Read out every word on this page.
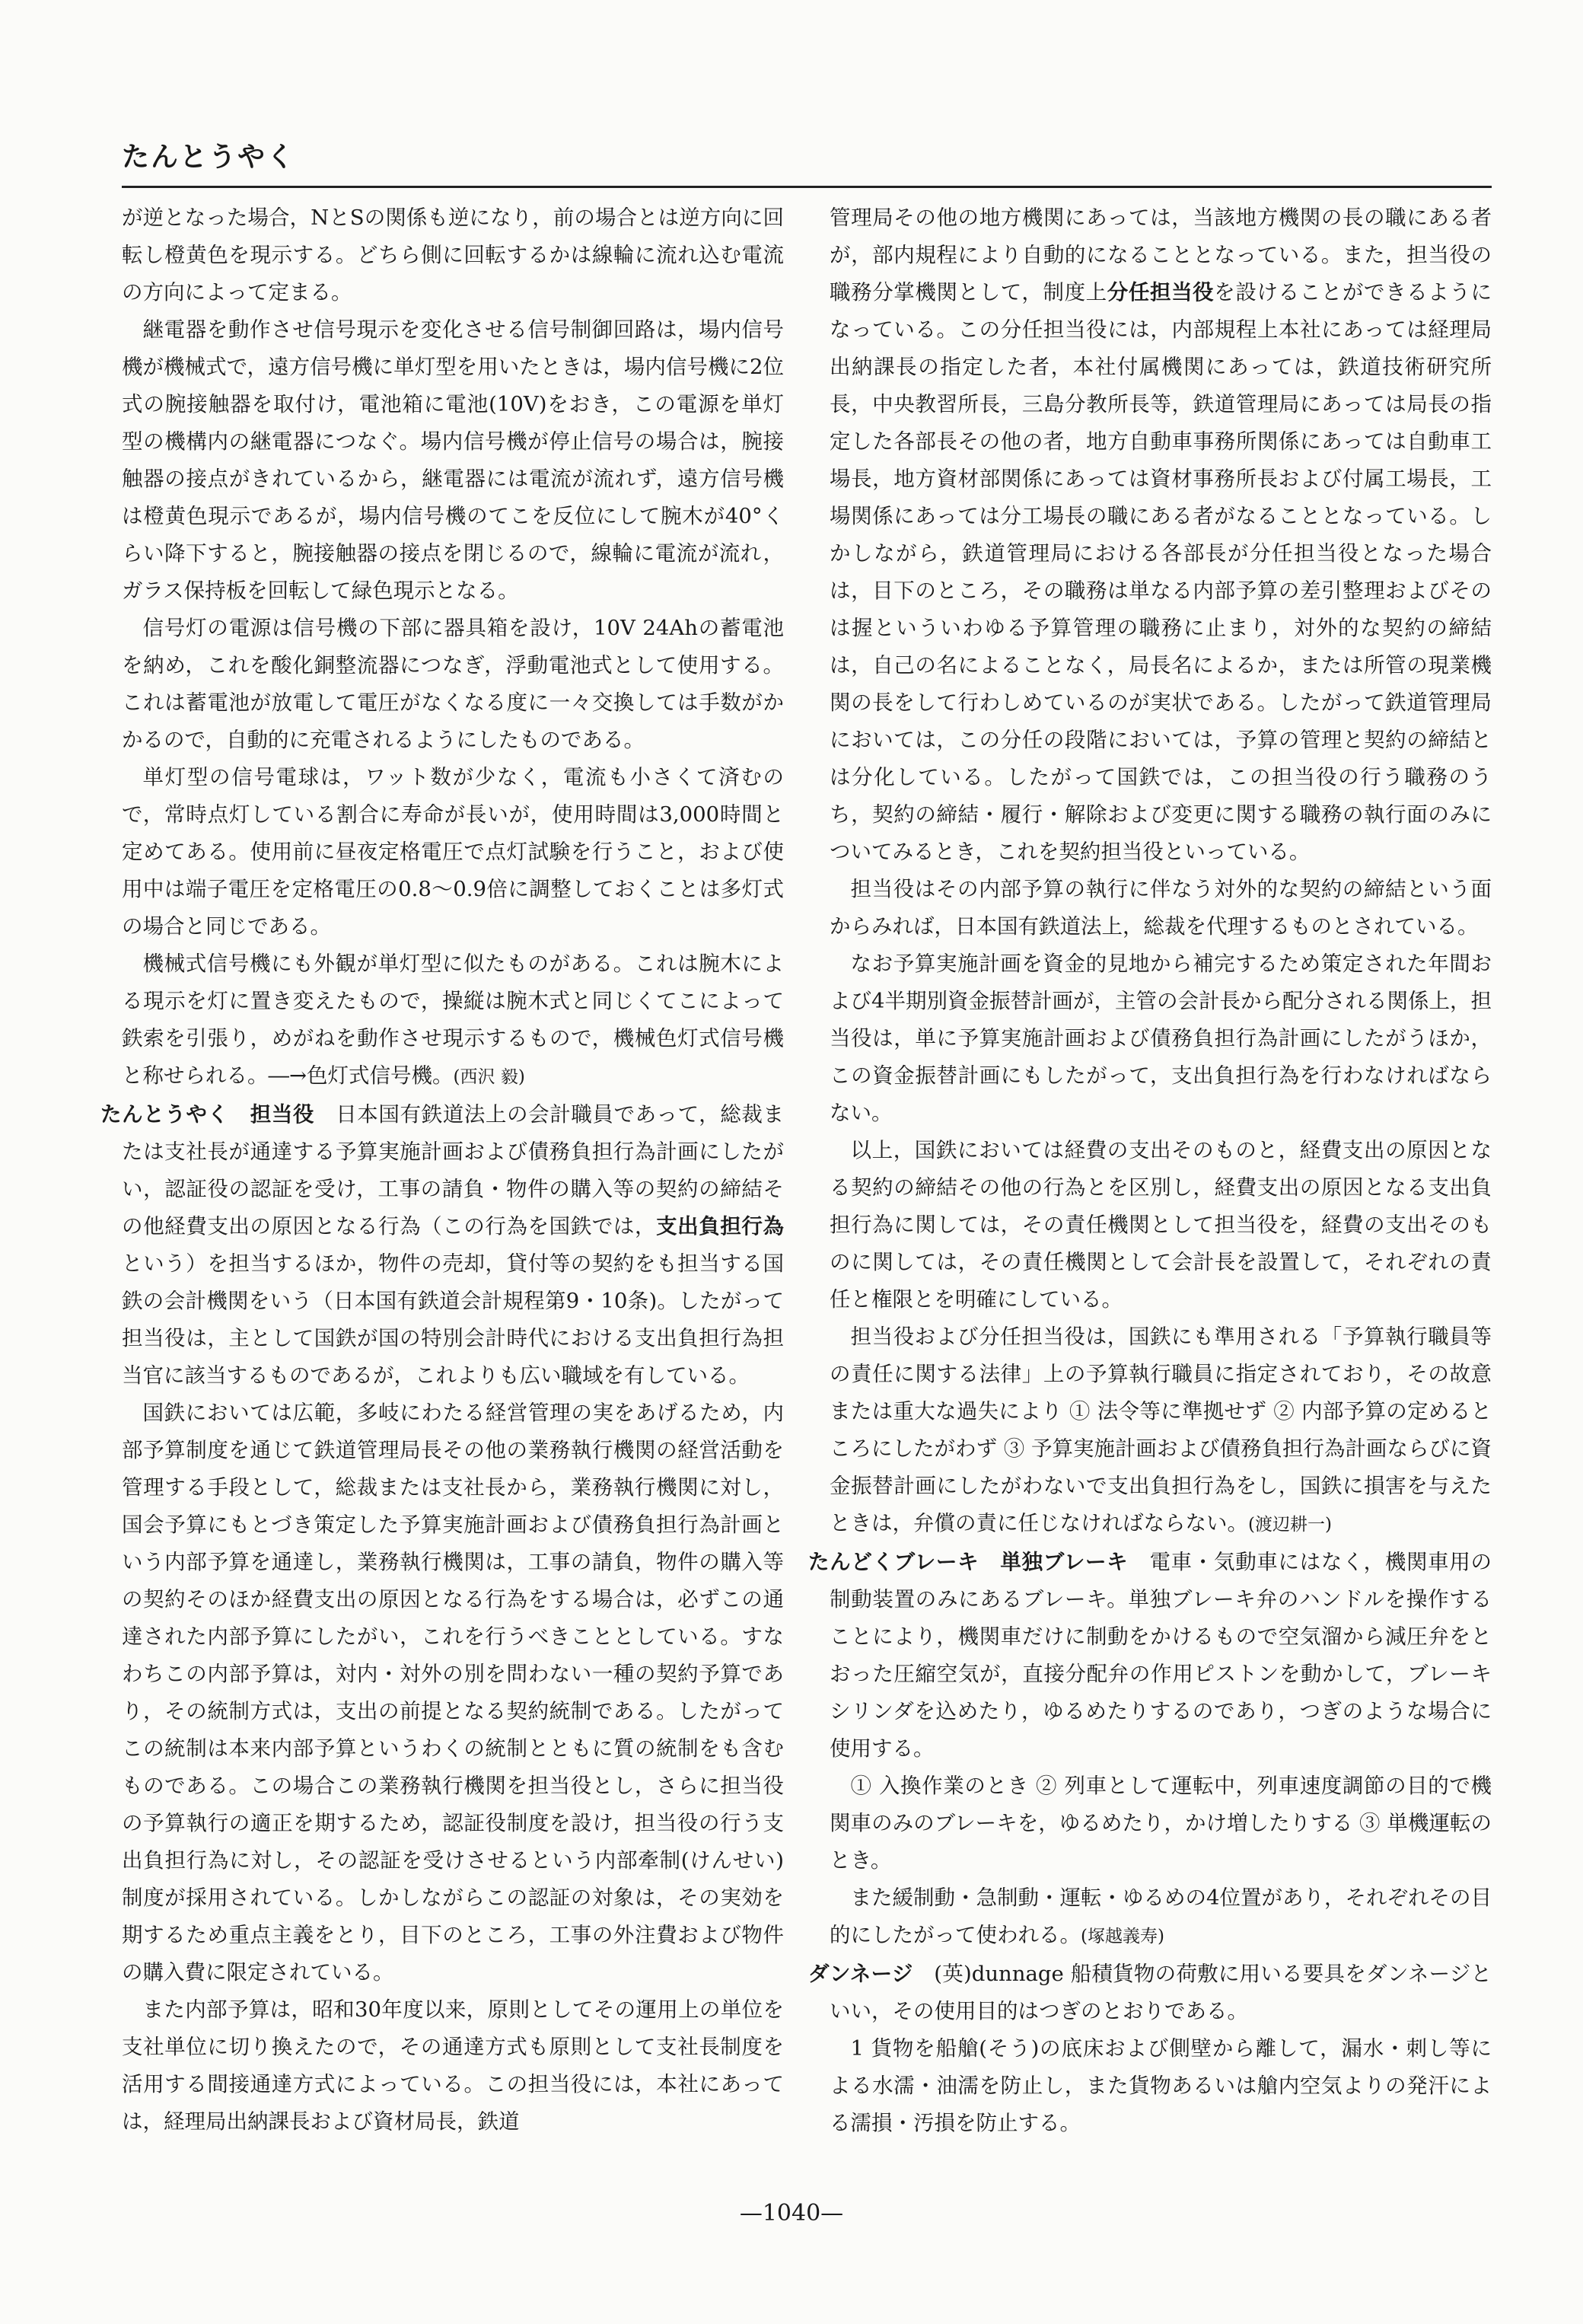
たんとうやく

が逆となった場合，NとSの関係も逆になり，前の場合とは逆方向に回転し橙黄色を現示する。どちら側に回転するかは線輪に流れ込む電流の方向によって定まる。

継電器を動作させ信号現示を変化させる信号制御回路は，場内信号機が機械式で，遠方信号機に単灯型を用いたときは，場内信号機に2位式の腕接触器を取付け，電池箱に電池(10V)をおき，この電源を単灯型の機構内の継電器につなぐ。場内信号機が停止信号の場合は，腕接触器の接点がきれているから，継電器には電流が流れず，遠方信号機は橙黄色現示であるが，場内信号機のてこを反位にして腕木が40°くらい降下すると，腕接触器の接点を閉じるので，線輪に電流が流れ，ガラス保持板を回転して緑色現示となる。

信号灯の電源は信号機の下部に器具箱を設け，10V 24Ahの蓄電池を納め，これを酸化銅整流器につなぎ，浮動電池式として使用する。これは蓄電池が放電して電圧がなくなる度に一々交換しては手数がかかるので，自動的に充電されるようにしたものである。

単灯型の信号電球は，ワット数が少なく，電流も小さくて済むので，常時点灯している割合に寿命が長いが，使用時間は3,000時間と定めてある。使用前に昼夜定格電圧で点灯試験を行うこと，および使用中は端子電圧を定格電圧の0.8～0.9倍に調整しておくことは多灯式の場合と同じである。

機械式信号機にも外観が単灯型に似たものがある。これは腕木による現示を灯に置き変えたもので，操縦は腕木式と同じくてこによって鉄索を引張り，めがねを動作させ現示するもので，機械色灯式信号機と称せられる。―→色灯式信号機。(西沢 毅)

たんとうやく　 担当役　 日本国有鉄道法上の会計職員であって，総裁または支社長が通達する予算実施計画および債務負担行為計画にしたがい，認証役の認証を受け，工事の請負・物件の購入等の契約の締結その他経費支出の原因となる行為（この行為を国鉄では，支出負担行為という）を担当するほか，物件の売却，貸付等の契約をも担当する国鉄の会計機関をいう（日本国有鉄道会計規程第9・10条)。したがって担当役は，主として国鉄が国の特別会計時代における支出負担行為担当官に該当するものであるが，これよりも広い職域を有している。

国鉄においては広範，多岐にわたる経営管理の実をあげるため，内部予算制度を通じて鉄道管理局長その他の業務執行機関の経営活動を管理する手段として，総裁または支社長から，業務執行機関に対し，国会予算にもとづき策定した予算実施計画および債務負担行為計画という内部予算を通達し，業務執行機関は，工事の請負，物件の購入等の契約そのほか経費支出の原因となる行為をする場合は，必ずこの通達された内部予算にしたがい，これを行うべきこととしている。すなわちこの内部予算は，対内・対外の別を問わない一種の契約予算であり，その統制方式は，支出の前提となる契約統制である。したがってこの統制は本来内部予算というわくの統制とともに質の統制をも含むものである。この場合この業務執行機関を担当役とし，さらに担当役の予算執行の適正を期するため，認証役制度を設け，担当役の行う支出負担行為に対し，その認証を受けさせるという内部牽制(けんせい)制度が採用されている。しかしながらこの認証の対象は，その実効を期するため重点主義をとり，目下のところ，工事の外注費および物件の購入費に限定されている。

また内部予算は，昭和30年度以来，原則としてその運用上の単位を支社単位に切り換えたので，その通達方式も原則として支社長制度を活用する間接通達方式によっている。この担当役には，本社にあっては，経理局出納課長および資材局長，鉄道

管理局その他の地方機関にあっては，当該地方機関の長の職にある者が，部内規程により自動的になることとなっている。また，担当役の職務分掌機関として，制度上分任担当役を設けることができるようになっている。この分任担当役には，内部規程上本社にあっては経理局出納課長の指定した者，本社付属機関にあっては，鉄道技術研究所長，中央教習所長，三島分教所長等，鉄道管理局にあっては局長の指定した各部長その他の者，地方自動車事務所関係にあっては自動車工場長，地方資材部関係にあっては資材事務所長および付属工場長，工場関係にあっては分工場長の職にある者がなることとなっている。しかしながら，鉄道管理局における各部長が分任担当役となった場合は，目下のところ，その職務は単なる内部予算の差引整理およびそのは握といういわゆる予算管理の職務に止まり，対外的な契約の締結は，自己の名によることなく，局長名によるか，または所管の現業機関の長をして行わしめているのが実状である。したがって鉄道管理局においては，この分任の段階においては，予算の管理と契約の締結とは分化している。したがって国鉄では，この担当役の行う職務のうち，契約の締結・履行・解除および変更に関する職務の執行面のみについてみるとき，これを契約担当役といっている。

担当役はその内部予算の執行に伴なう対外的な契約の締結という面からみれば，日本国有鉄道法上，総裁を代理するものとされている。

なお予算実施計画を資金的見地から補完するため策定された年間および4半期別資金振替計画が，主管の会計長から配分される関係上，担当役は，単に予算実施計画および債務負担行為計画にしたがうほか，この資金振替計画にもしたがって，支出負担行為を行わなければならない。

以上，国鉄においては経費の支出そのものと，経費支出の原因となる契約の締結その他の行為とを区別し，経費支出の原因となる支出負担行為に関しては，その責任機関として担当役を，経費の支出そのものに関しては，その責任機関として会計長を設置して，それぞれの責任と権限とを明確にしている。

担当役および分任担当役は，国鉄にも準用される「予算執行職員等の責任に関する法律」上の予算執行職員に指定されており，その故意または重大な過失により ① 法令等に準拠せず ② 内部予算の定めるところにしたがわず ③ 予算実施計画および債務負担行為計画ならびに資金振替計画にしたがわないで支出負担行為をし，国鉄に損害を与えたときは，弁償の責に任じなければならない。(渡辺耕一)

たんどくブレーキ　 単独ブレーキ　 電車・気動車にはなく，機関車用の制動装置のみにあるブレーキ。単独ブレーキ弁のハンドルを操作することにより，機関車だけに制動をかけるもので空気溜から減圧弁をとおった圧縮空気が，直接分配弁の作用ピストンを動かして，ブレーキシリンダを込めたり，ゆるめたりするのであり，つぎのような場合に使用する。

① 入換作業のとき ② 列車として運転中，列車速度調節の目的で機関車のみのブレーキを，ゆるめたり，かけ増したりする ③ 単機運転のとき。

また緩制動・急制動・運転・ゆるめの4位置があり，それぞれその目的にしたがって使われる。(塚越義寿)

ダンネージ　 (英)dunnage 船積貨物の荷敷に用いる要具をダンネージといい，その使用目的はつぎのとおりである。

1 貨物を船艙(そう)の底床および側壁から離して，漏水・刺し等による水濡・油濡を防止し，また貨物あるいは艙内空気よりの発汗による濡損・汚損を防止する。

—1040—
